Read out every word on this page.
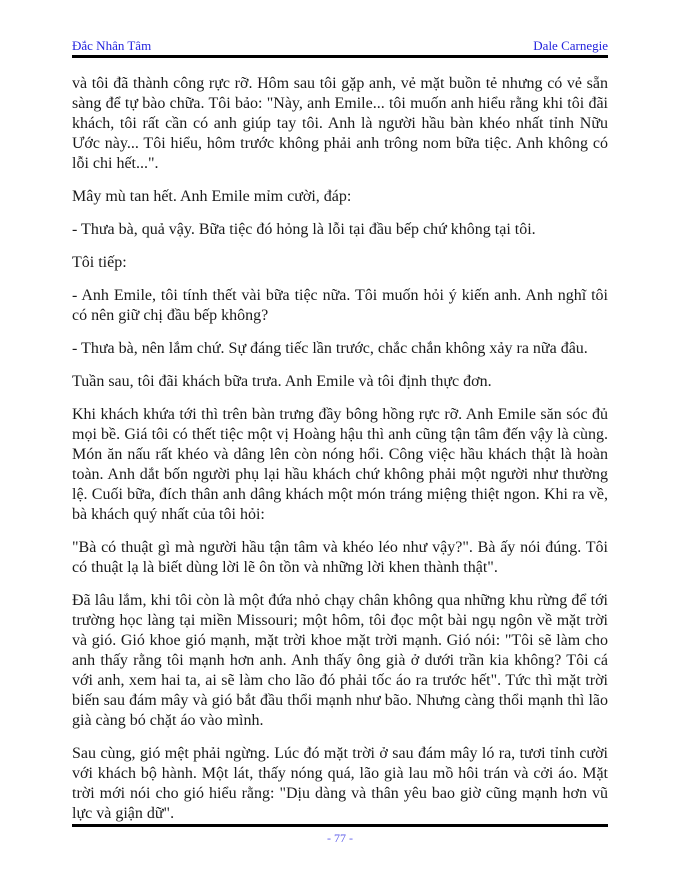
Đắc Nhân Tâm	Dale Carnegie

và tôi đã thành công rực rỡ. Hôm sau tôi gặp anh, vẻ mặt buồn tẻ nhưng có vẻ sẵn sàng để tự bào chữa. Tôi bảo: "Này, anh Emile... tôi muốn anh hiểu rằng khi tôi đãi khách, tôi rất cần có anh giúp tay tôi. Anh là người hầu bàn khéo nhất tỉnh Nữu Ước này... Tôi hiểu, hôm trước không phải anh trông nom bữa tiệc. Anh không có lỗi chi hết...".

Mây mù tan hết. Anh Emile mỉm cười, đáp:

- Thưa bà, quả vậy. Bữa tiệc đó hỏng là lỗi tại đầu bếp chứ không tại tôi.

Tôi tiếp:

- Anh Emile, tôi tính thết vài bữa tiệc nữa. Tôi muốn hỏi ý kiến anh. Anh nghĩ tôi có nên giữ chị đầu bếp không?

- Thưa bà, nên lắm chứ. Sự đáng tiếc lần trước, chắc chắn không xảy ra nữa đâu.

Tuần sau, tôi đãi khách bữa trưa. Anh Emile và tôi định thực đơn.

Khi khách khứa tới thì trên bàn trưng đầy bông hồng rực rỡ. Anh Emile săn sóc đủ mọi bề. Giá tôi có thết tiệc một vị Hoàng hậu thì anh cũng tận tâm đến vậy là cùng. Món ăn nấu rất khéo và dâng lên còn nóng hổi. Công việc hầu khách thật là hoàn toàn. Anh dắt bốn người phụ lại hầu khách chứ không phải một người như thường lệ. Cuối bữa, đích thân anh dâng khách một món tráng miệng thiệt ngon. Khi ra về, bà khách quý nhất của tôi hỏi:

"Bà có thuật gì mà người hầu tận tâm và khéo léo như vậy?". Bà ấy nói đúng. Tôi có thuật lạ là biết dùng lời lẽ ôn tồn và những lời khen thành thật".

Đã lâu lắm, khi tôi còn là một đứa nhỏ chạy chân không qua những khu rừng để tới trường học làng tại miền Missouri; một hôm, tôi đọc một bài ngụ ngôn về mặt trời và gió. Gió khoe gió mạnh, mặt trời khoe mặt trời mạnh. Gió nói: "Tôi sẽ làm cho anh thấy rằng tôi mạnh hơn anh. Anh thấy ông già ở dưới trần kia không? Tôi cá với anh, xem hai ta, ai sẽ làm cho lão đó phải tốc áo ra trước hết". Tức thì mặt trời biến sau đám mây và gió bắt đầu thổi mạnh như bão. Nhưng càng thổi mạnh thì lão già càng bó chặt áo vào mình.

Sau cùng, gió mệt phải ngừng. Lúc đó mặt trời ở sau đám mây ló ra, tươi tỉnh cười với khách bộ hành. Một lát, thấy nóng quá, lão già lau mồ hôi trán và cởi áo. Mặt trời mới nói cho gió hiểu rằng: "Dịu dàng và thân yêu bao giờ cũng mạnh hơn vũ lực và giận dữ".

- 77 -
